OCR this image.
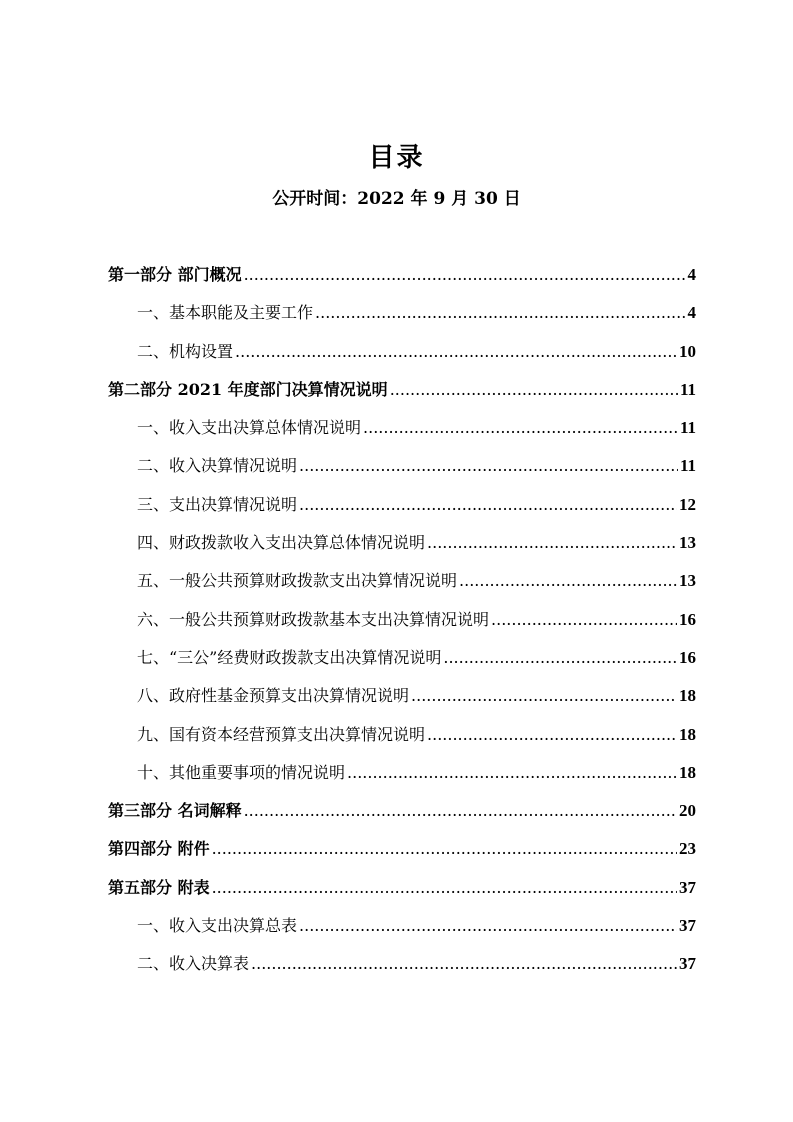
目录
公开时间：2022 年 9 月 30 日
第一部分 部门概况 .....	4
一、基本职能及主要工作 .....	4
二、机构设置 .....	10
第二部分 2021 年度部门决算情况说明 .....	11
一、收入支出决算总体情况说明 .....	11
二、收入决算情况说明 .....	11
三、支出决算情况说明 .....	12
四、财政拨款收入支出决算总体情况说明 .....	13
五、一般公共预算财政拨款支出决算情况说明 .....	13
六、一般公共预算财政拨款基本支出决算情况说明 .....	16
七、“三公”经费财政拨款支出决算情况说明 .....	16
八、政府性基金预算支出决算情况说明 .....	18
九、国有资本经营预算支出决算情况说明 .....	18
十、其他重要事项的情况说明 .....	18
第三部分 名词解释 .....	20
第四部分 附件 .....	23
第五部分 附表 .....	37
一、收入支出决算总表 .....	37
二、收入决算表 .....	37
